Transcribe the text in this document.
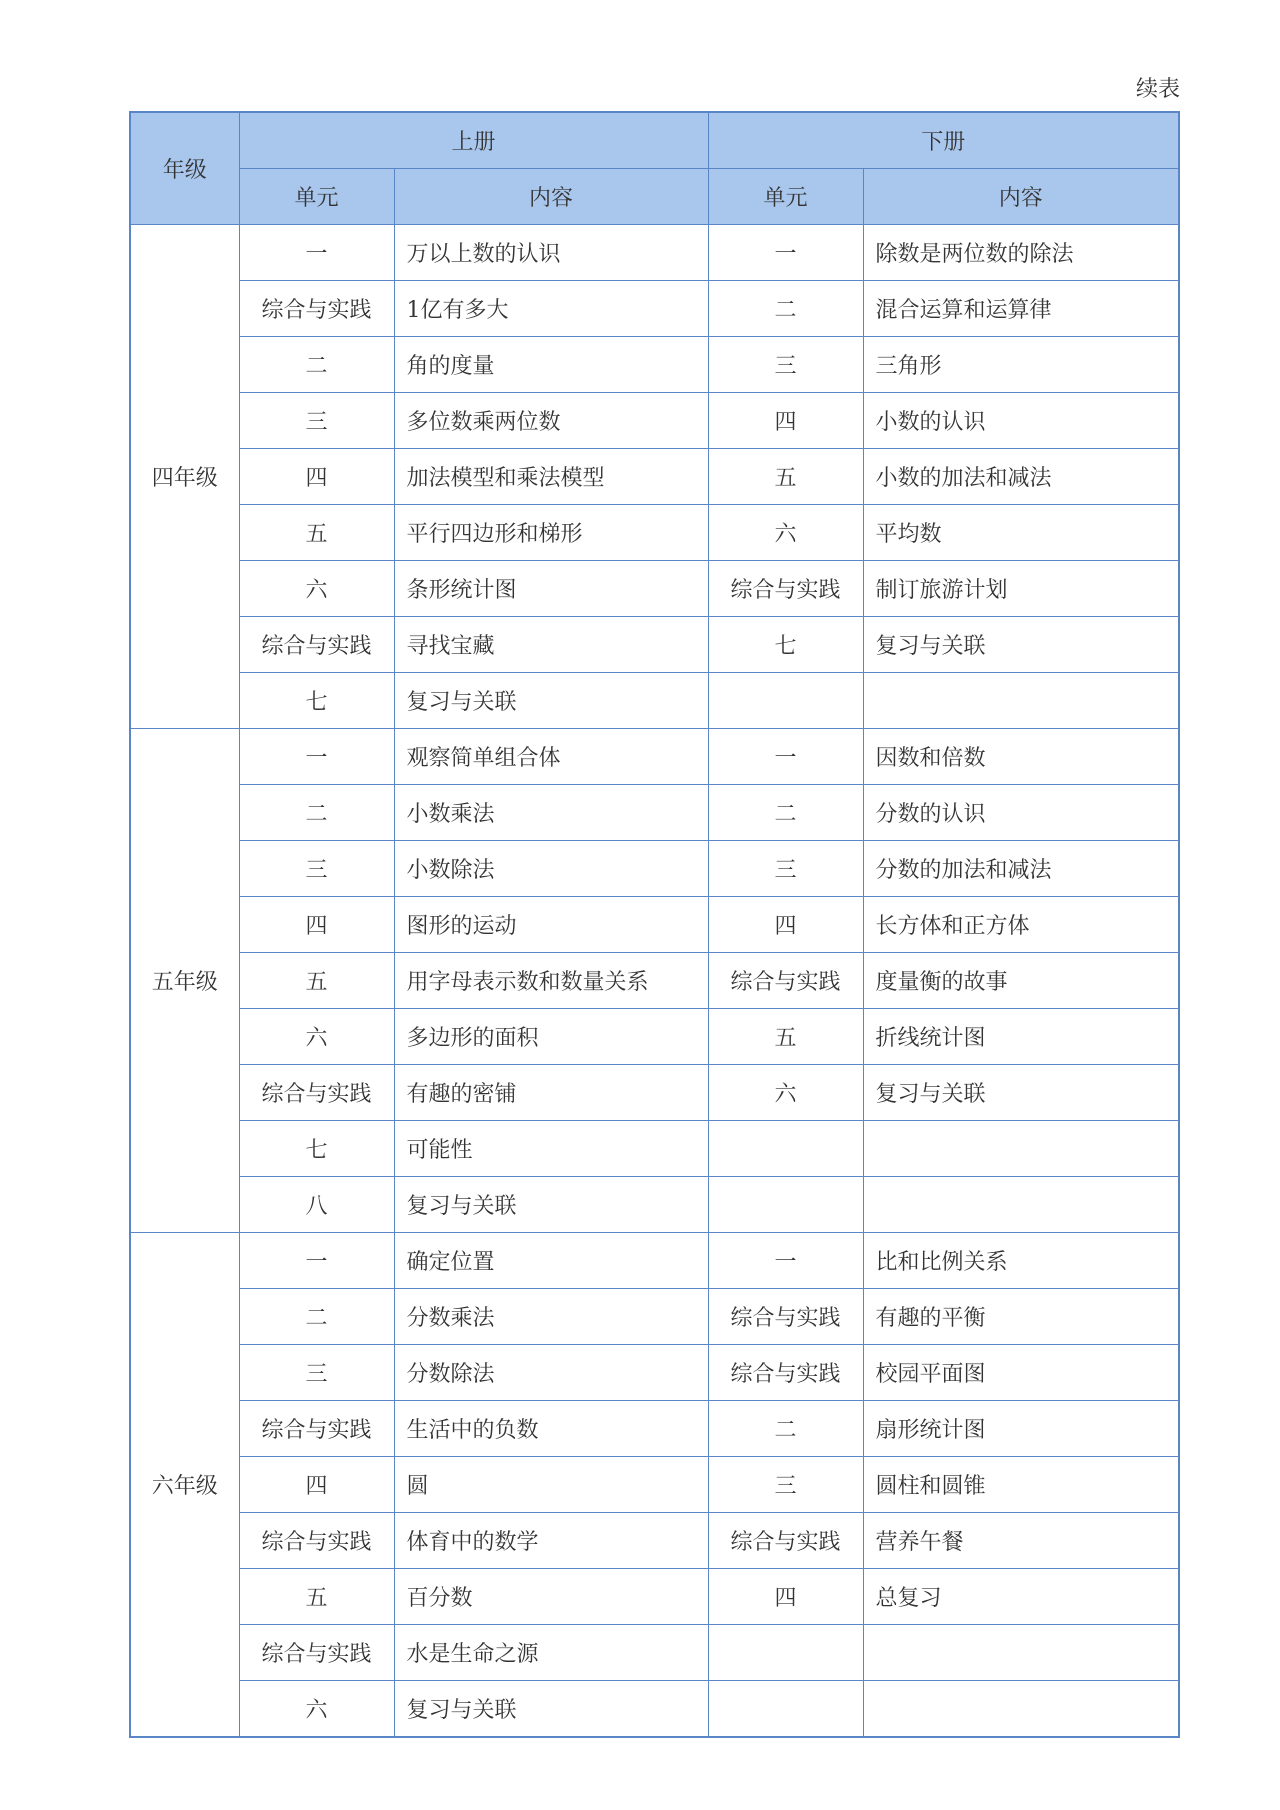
续表
年级	上册		下册	
	单元	内容	单元	内容
四年级	一	万以上数的认识	一	除数是两位数的除法
	综合与实践	1亿有多大	二	混合运算和运算律
	二	角的度量	三	三角形
	三	多位数乘两位数	四	小数的认识
	四	加法模型和乘法模型	五	小数的加法和减法
	五	平行四边形和梯形	六	平均数
	六	条形统计图	综合与实践	制订旅游计划
	综合与实践	寻找宝藏	七	复习与关联
	七	复习与关联		
五年级	一	观察简单组合体	一	因数和倍数
	二	小数乘法	二	分数的认识
	三	小数除法	三	分数的加法和减法
	四	图形的运动	四	长方体和正方体
	五	用字母表示数和数量关系	综合与实践	度量衡的故事
	六	多边形的面积	五	折线统计图
	综合与实践	有趣的密铺	六	复习与关联
	七	可能性		
	八	复习与关联		
六年级	一	确定位置	一	比和比例关系
	二	分数乘法	综合与实践	有趣的平衡
	三	分数除法	综合与实践	校园平面图
	综合与实践	生活中的负数	二	扇形统计图
	四	圆	三	圆柱和圆锥
	综合与实践	体育中的数学	综合与实践	营养午餐
	五	百分数	四	总复习
	综合与实践	水是生命之源		
	六	复习与关联		
